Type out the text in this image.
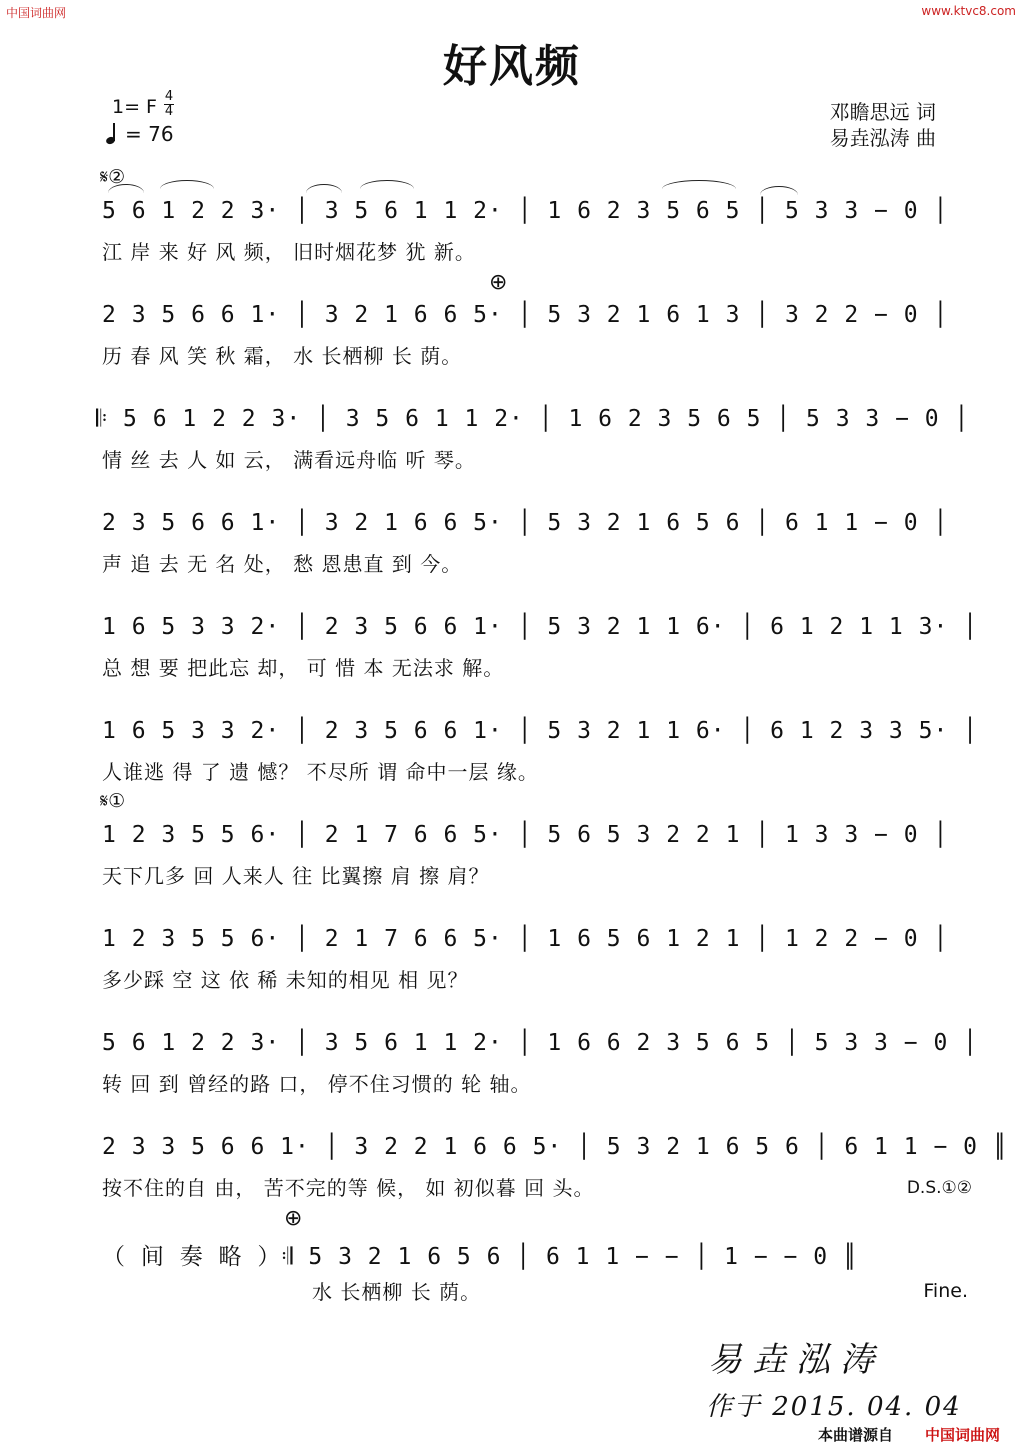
中国词曲网	www.ktvc8.com
好风频
1= F 4
4
= 76
邓瞻思远 词
易垚泓涛 曲
𝄋②
5 6 1 2 2 3· │ 3 5 6 1 1 2· │ 1 6 2 3 5 6 5 │ 5 3 3 − 0 │
江 岸 来 好 风 频， 旧时烟花梦 犹 新。
⊕
2 3 5 6 6 1· │ 3 2 1 6 6 5· │ 5 3 2 1 6 1 3 │ 3 2 2 − 0 │
历 春 风 笑 秋 霜， 水 长栖柳 长 荫。
𝄆 5 6 1 2 2 3· │ 3 5 6 1 1 2· │ 1 6 2 3 5 6 5 │ 5 3 3 − 0 │
情 丝 去 人 如 云， 满看远舟临 听 琴。
2 3 5 6 6 1· │ 3 2 1 6 6 5· │ 5 3 2 1 6 5 6 │ 6 1 1 − 0 │
声 追 去 无 名 处， 愁 恩患直 到 今。
1 6 5 3 3 2· │ 2 3 5 6 6 1· │ 5 3 2 1 1 6· │ 6 1 2 1 1 3· │
总 想 要 把此忘 却， 可 惜 本 无法求 解。
1 6 5 3 3 2· │ 2 3 5 6 6 1· │ 5 3 2 1 1 6· │ 6 1 2 3 3 5· │
人谁逃 得 了 遗 憾？ 不尽所 谓 命中一层 缘。
𝄋①
1 2 3 5 5 6· │ 2 1 7 6 6 5· │ 5 6 5 3 2 2 1 │ 1 3 3 − 0 │
天下几多 回 人来人 往 比翼擦 肩 擦 肩？
1 2 3 5 5 6· │ 2 1 7 6 6 5· │ 1 6 5 6 1 2 1 │ 1 2 2 − 0 │
多少踩 空 这 依 稀 未知的相见 相 见？
5 6 1 2 2 3· │ 3 5 6 1 1 2· │ 1 6 6 2 3 5 6 5 │ 5 3 3 − 0 │
转 回 到 曾经的路 口， 停不住习惯的 轮 轴。
2 3 3 5 6 6 1· │ 3 2 2 1 6 6 5· │ 5 3 2 1 6 5 6 │ 6 1 1 − 0 ║
按不住的自 由， 苦不完的等 候， 如 初似暮 回 头。	D.S.①②
⊕
（ 间 奏 略 ）𝄇 5 3 2 1 6 5 6 │ 6 1 1 − − │ 1 − − 0 ║
水 长栖柳 长 荫。	Fine.
易垚泓涛
作于 2015. 04. 04
本曲谱源自 中国词曲网
